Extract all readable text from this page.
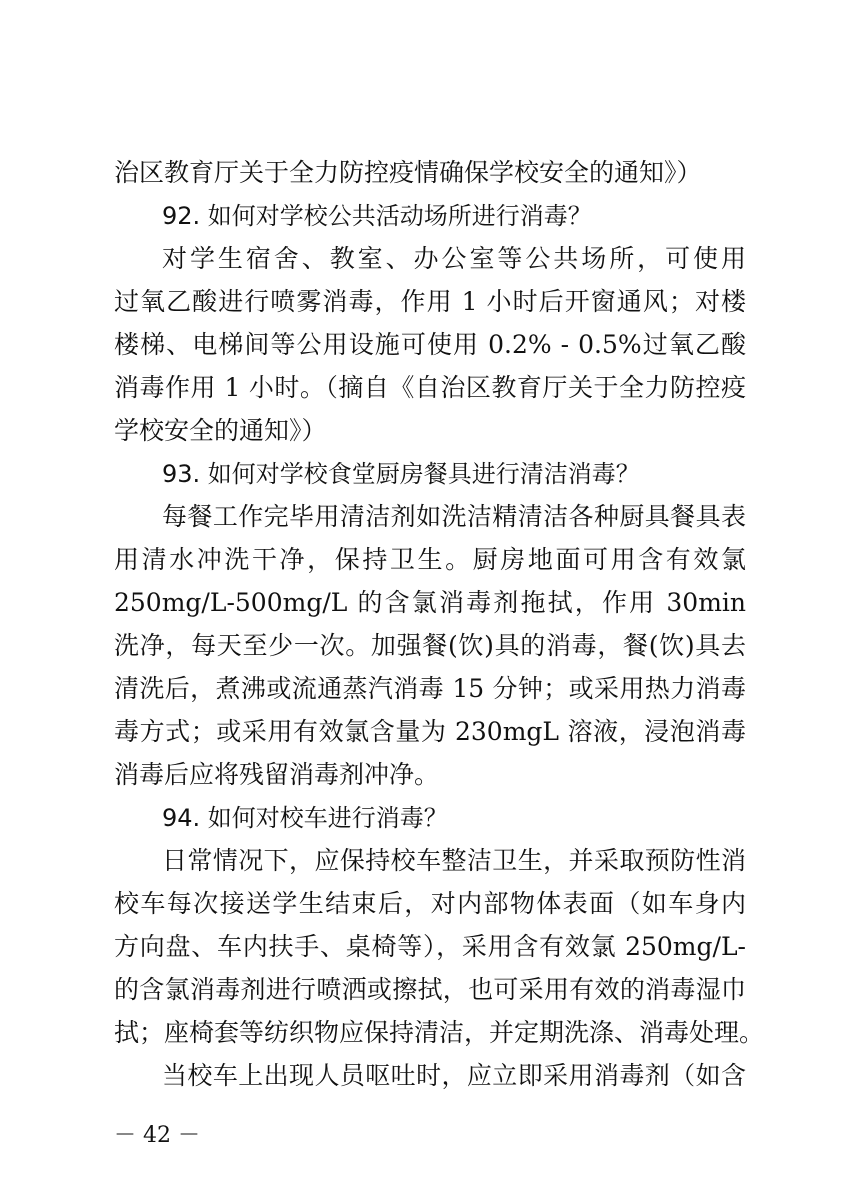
治区教育厅关于全力防控疫情确保学校安全的通知》）
92. 如何对学校公共活动场所进行消毒？
对学生宿舍、教室、办公室等公共场所，可使用
过氧乙酸进行喷雾消毒，作用 1 小时后开窗通风；对楼
楼梯、电梯间等公用设施可使用 0.2% - 0.5%过氧乙酸
消毒作用 1 小时。（摘自《自治区教育厅关于全力防控疫
学校安全的通知》）
93. 如何对学校食堂厨房餐具进行清洁消毒？
每餐工作完毕用清洁剂如洗洁精清洁各种厨具餐具表
用清水冲洗干净，保持卫生。厨房地面可用含有效氯
250mg/L-500mg/L 的含氯消毒剂拖拭，作用 30min
洗净，每天至少一次。加强餐(饮)具的消毒，餐(饮)具去
清洗后，煮沸或流通蒸汽消毒 15 分钟；或采用热力消毒
毒方式；或采用有效氯含量为 230mgL 溶液，浸泡消毒
消毒后应将残留消毒剂冲净。
94. 如何对校车进行消毒？
日常情况下，应保持校车整洁卫生，并采取预防性消
校车每次接送学生结束后，对内部物体表面（如车身内
方向盘、车内扶手、桌椅等），采用含有效氯 250mg/L-
的含氯消毒剂进行喷洒或擦拭，也可采用有效的消毒湿巾
拭；座椅套等纺织物应保持清洁，并定期洗涤、消毒处理。
当校车上出现人员呕吐时，应立即采用消毒剂（如含
－ 42 －
